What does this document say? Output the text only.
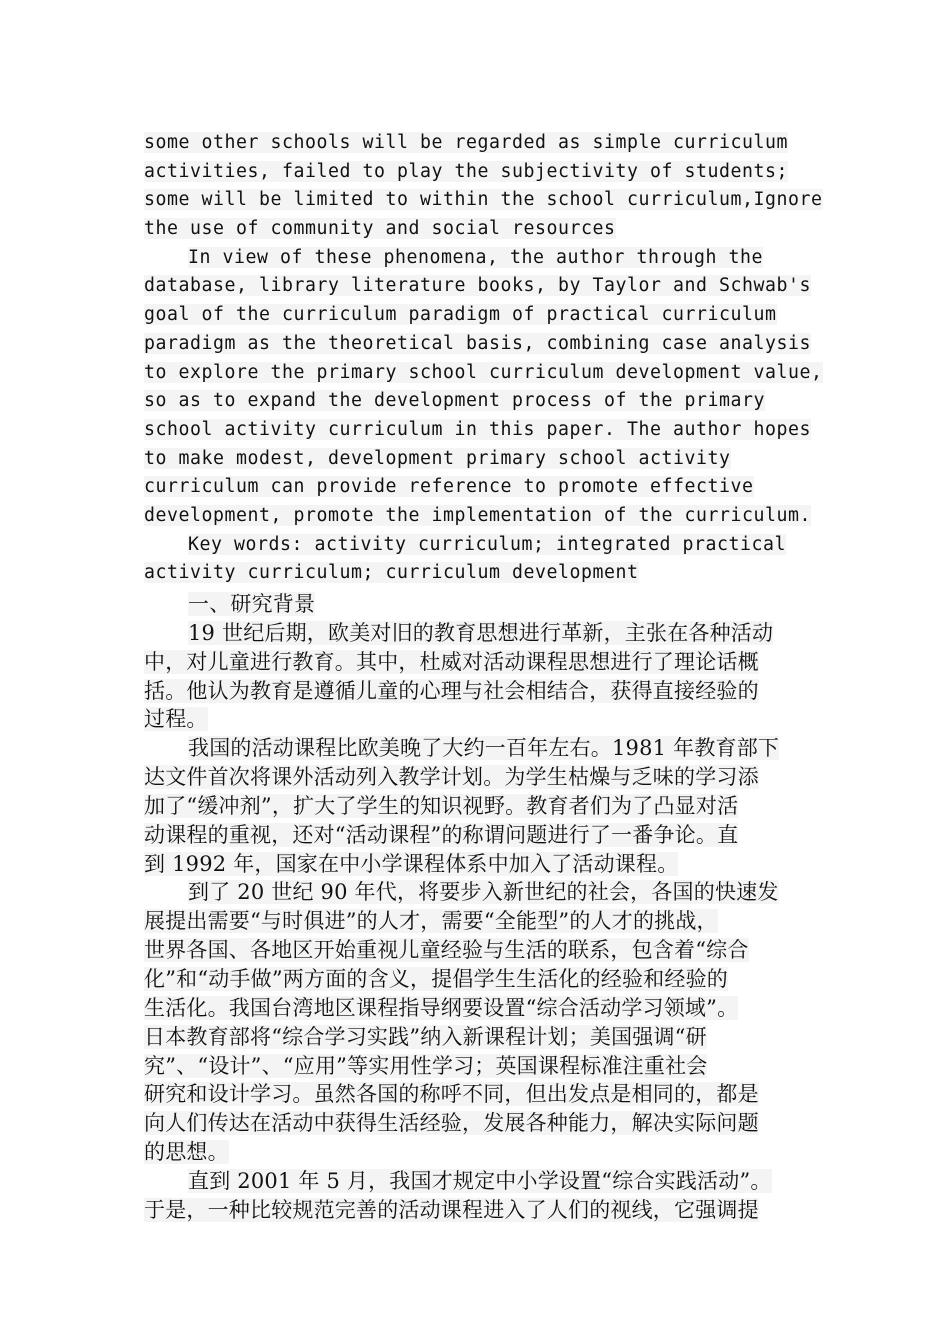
some other schools will be regarded as simple curriculum
activities, failed to play the subjectivity of students;
some will be limited to within the school curriculum,Ignore
the use of community and social resources
In view of these phenomena, the author through the
database, library literature books, by Taylor and Schwab's
goal of the curriculum paradigm of practical curriculum
paradigm as the theoretical basis, combining case analysis
to explore the primary school curriculum development value,
so as to expand the development process of the primary
school activity curriculum in this paper. The author hopes
to make modest, development primary school activity
curriculum can provide reference to promote effective
development, promote the implementation of the curriculum.
Key words: activity curriculum; integrated practical
activity curriculum; curriculum development
一、研究背景
19 世纪后期，欧美对旧的教育思想进行革新，主张在各种活动
中，对儿童进行教育。其中，杜威对活动课程思想进行了理论话概
括。他认为教育是遵循儿童的心理与社会相结合，获得直接经验的
过程。
我国的活动课程比欧美晚了大约一百年左右。1981 年教育部下
达文件首次将课外活动列入教学计划。为学生枯燥与乏味的学习添
加了“缓冲剂”，扩大了学生的知识视野。教育者们为了凸显对活
动课程的重视，还对“活动课程”的称谓问题进行了一番争论。直
到 1992 年，国家在中小学课程体系中加入了活动课程。
到了 20 世纪 90 年代，将要步入新世纪的社会，各国的快速发
展提出需要“与时俱进”的人才，需要“全能型”的人才的挑战，
世界各国、各地区开始重视儿童经验与生活的联系，包含着“综合
化”和“动手做”两方面的含义，提倡学生生活化的经验和经验的
生活化。我国台湾地区课程指导纲要设置“综合活动学习领域”。
日本教育部将“综合学习实践”纳入新课程计划；美国强调“研
究”、“设计”、“应用”等实用性学习；英国课程标准注重社会
研究和设计学习。虽然各国的称呼不同，但出发点是相同的，都是
向人们传达在活动中获得生活经验，发展各种能力，解决实际问题
的思想。
直到 2001 年 5 月，我国才规定中小学设置“综合实践活动”。
于是，一种比较规范完善的活动课程进入了人们的视线，它强调提
